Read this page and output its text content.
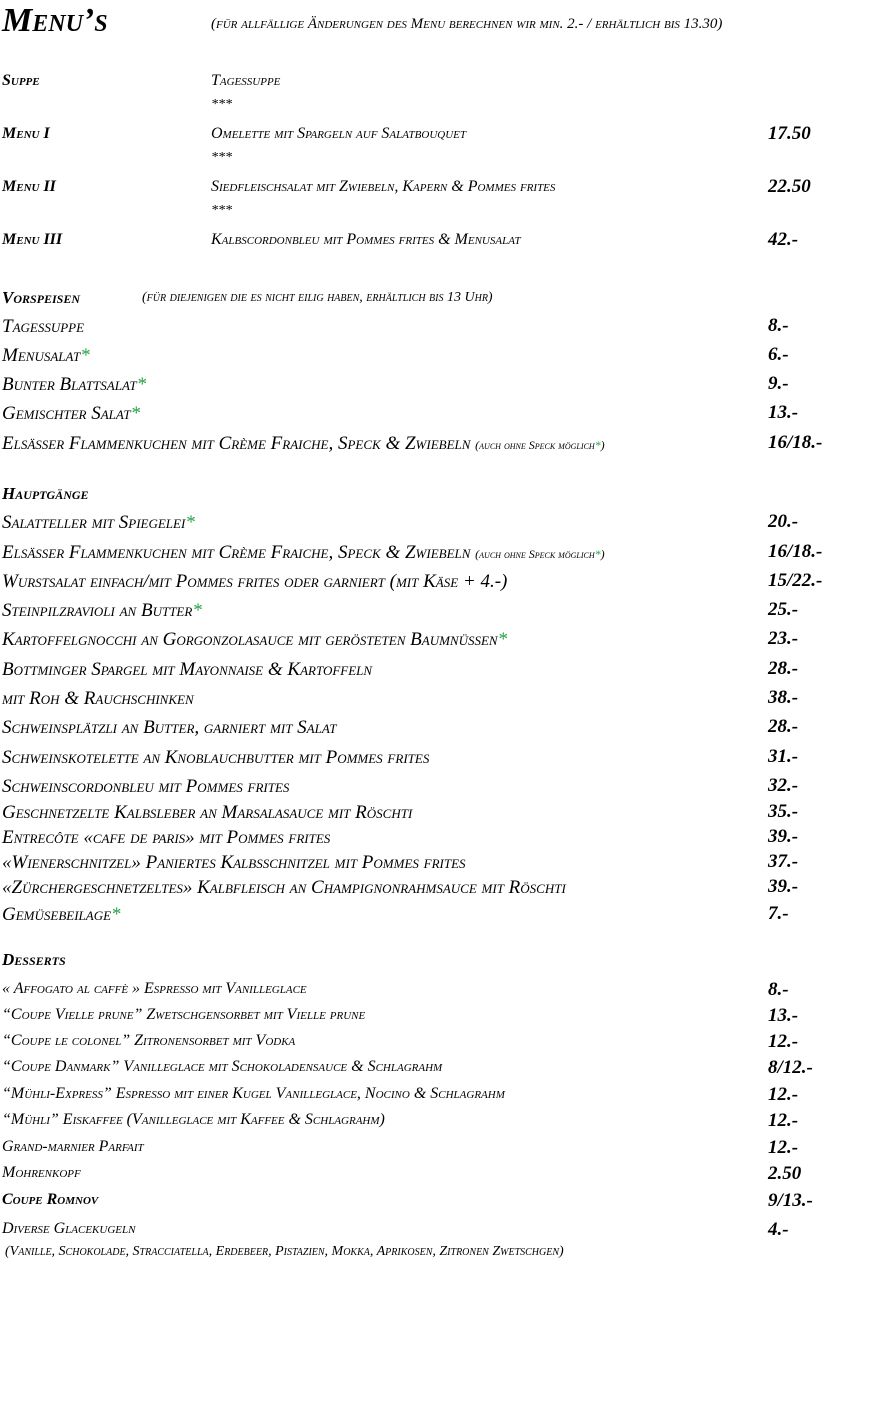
Menu’s	(für allfällige Änderungen des Menu berechnen wir min. 2.- / erhältlich bis 13.30)
Suppe	Tagessuppe
***
Menu I	Omelette mit Spargeln auf Salatbouquet	17.50
***
Menu II	Siedfleischsalat mit Zwiebeln, Kapern & Pommes frites	22.50
***
Menu III	Kalbscordonbleu mit Pommes frites & Menusalat	42.-
Vorspeisen	(für diejenigen die es nicht eilig haben, erhältlich bis 13 Uhr)
Tagessuppe	8.-
Menusalat*	6.-
Bunter Blattsalat*	9.-
Gemischter Salat*	13.-
Elsässer Flammenkuchen mit Crème Fraiche, Speck & Zwiebeln (auch ohne Speck möglich*)	16/18.-
Hauptgänge
Salatteller mit Spiegelei*	20.-
Elsässer Flammenkuchen mit Crème Fraiche, Speck & Zwiebeln (auch ohne Speck möglich*)	16/18.-
Wurstsalat einfach/mit Pommes frites oder garniert (mit Käse + 4.-)	15/22.-
Steinpilzravioli an Butter*	25.-
Kartoffelgnocchi an Gorgonzolasauce mit gerösteten Baumnüssen*	23.-
Bottminger Spargel mit Mayonnaise & Kartoffeln	28.-
mit Roh & Rauchschinken	38.-
Schweinsplätzli an Butter, garniert mit Salat	28.-
Schweinskotelette an Knoblauchbutter mit Pommes frites	31.-
Schweinscordonbleu mit Pommes frites	32.-
Geschnetzelte Kalbsleber an Marsalasauce mit Röschti	35.-
Entrecôte «cafe de paris» mit Pommes frites	39.-
«Wienerschnitzel» Paniertes Kalbsschnitzel mit Pommes frites	37.-
«Zürchergeschnetzeltes» Kalbfleisch an Champignonrahmsauce mit Röschti	39.-
Gemüsebeilage*	7.-
Desserts
« Affogato al caffè » Espresso mit Vanilleglace	8.-
“Coupe Vielle prune” Zwetschgensorbet mit Vielle prune	13.-
“Coupe le colonel” Zitronensorbet mit Vodka	12.-
“Coupe Danmark” Vanilleglace mit Schokoladensauce & Schlagrahm	8/12.-
“Mühli-Express” Espresso mit einer Kugel Vanilleglace, Nocino & Schlagrahm	12.-
“Mühli” Eiskaffee (Vanilleglace mit Kaffee & Schlagrahm)	12.-
Grand-marnier Parfait	12.-
Mohrenkopf	2.50
Coupe Romnov	9/13.-
Diverse Glacekugeln	4.-
(Vanille, Schokolade, Stracciatella, Erdebeer, Pistazien, Mokka, Aprikosen, Zitronen Zwetschgen)
